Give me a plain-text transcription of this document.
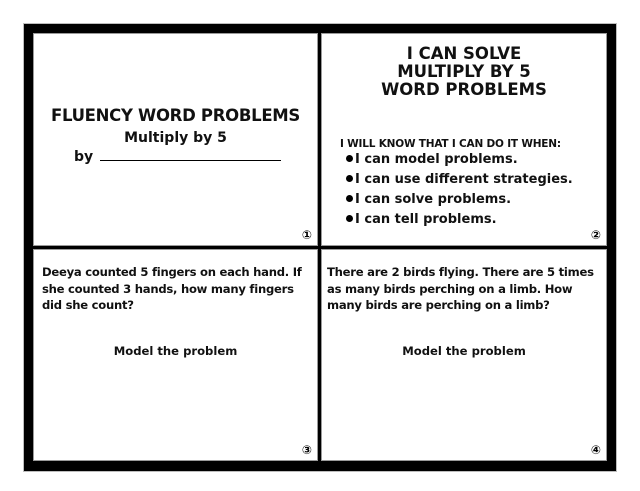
FLUENCY WORD PROBLEMS
Multiply by 5
by
①
I CAN SOLVE
MULTIPLY BY 5
WORD PROBLEMS
I WILL KNOW THAT I CAN DO IT WHEN:
I can model problems.
I can use different strategies.
I can solve problems.
I can tell problems.
②
Deeya counted 5 fingers on each hand. If she counted 3 hands, how many fingers did she count?
Model the problem
③
There are 2 birds flying. There are 5 times as many birds perching on a limb. How many birds are perching on a limb?
Model the problem
④
